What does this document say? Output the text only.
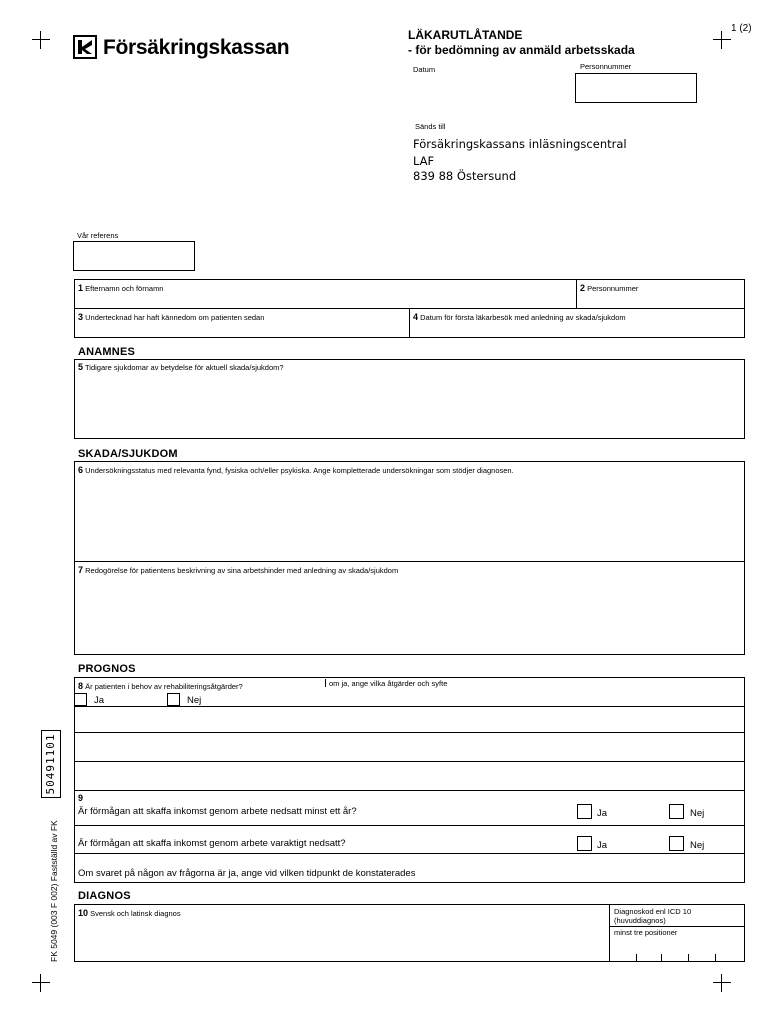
1 (2)
Försäkringskassan
LÄKARUTLÅTANDE
- för bedömning av anmäld arbetsskada
Datum	Personnummer
Sänds till
Försäkringskassans inläsningscentral
LAF
839 88 Östersund
Vår referens
1 Efternamn och förnamn	2 Personnummer
3 Undertecknad har haft kännedom om patienten sedan	4 Datum för första läkarbesök med anledning av skada/sjukdom
ANAMNES
5 Tidigare sjukdomar av betydelse för aktuell skada/sjukdom?
SKADA/SJUKDOM
6 Undersökningsstatus med relevanta fynd, fysiska och/eller psykiska. Ange kompletterade undersökningar som stödjer diagnosen.
7 Redogörelse för patientens beskrivning av sina arbetshinder med anledning av skada/sjukdom
PROGNOS
8 Är patienten i behov av rehabiliteringsåtgärder?	om ja, ange vilka åtgärder och syfte
Ja	Nej
9
Är förmågan att skaffa inkomst genom arbete nedsatt minst ett år?	Ja	Nej
Är förmågan att skaffa inkomst genom arbete varaktigt nedsatt?	Ja	Nej
Om svaret på någon av frågorna är ja, ange vid vilken tidpunkt de konstaterades
DIAGNOS
10 Svensk och latinsk diagnos	Diagnoskod enl ICD 10
(huvuddiagnos)
minst tre positioner
50491101
FK 5049 (003 F 002) Fastställd av FK
